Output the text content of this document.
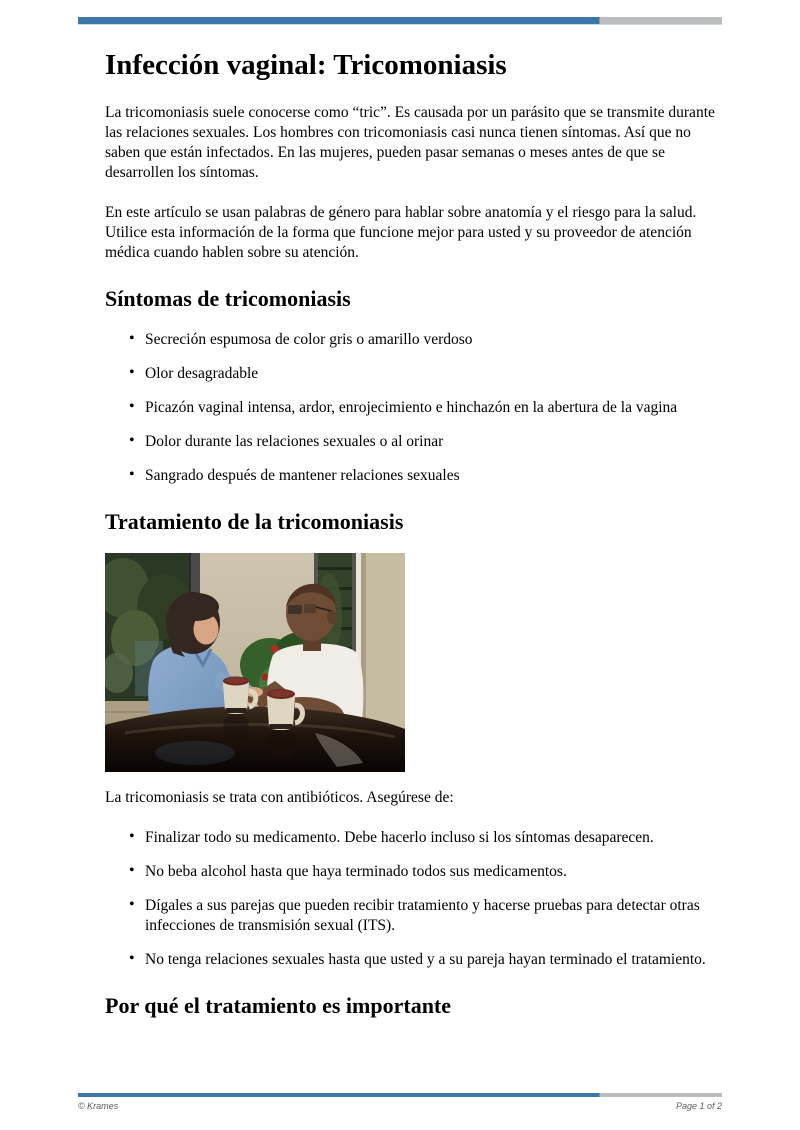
Infección vaginal: Tricomoniasis

La tricomoniasis suele conocerse como “tric”. Es causada por un parásito que se transmite durante las relaciones sexuales. Los hombres con tricomoniasis casi nunca tienen síntomas. Así que no saben que están infectados. En las mujeres, pueden pasar semanas o meses antes de que se desarrollen los síntomas.

En este artículo se usan palabras de género para hablar sobre anatomía y el riesgo para la salud. Utilice esta información de la forma que funcione mejor para usted y su proveedor de atención médica cuando hablen sobre su atención.

Síntomas de tricomoniasis
• Secreción espumosa de color gris o amarillo verdoso
• Olor desagradable
• Picazón vaginal intensa, ardor, enrojecimiento e hinchazón en la abertura de la vagina
• Dolor durante las relaciones sexuales o al orinar
• Sangrado después de mantener relaciones sexuales
Tratamiento de la tricomoniasis

La tricomoniasis se trata con antibióticos. Asegúrese de:

• Finalizar todo su medicamento. Debe hacerlo incluso si los síntomas desaparecen.
• No beba alcohol hasta que haya terminado todos sus medicamentos.
• Dígales a sus parejas que pueden recibir tratamiento y hacerse pruebas para detectar otras infecciones de transmisión sexual (ITS).
• No tenga relaciones sexuales hasta que usted y a su pareja hayan terminado el tratamiento.
Por qué el tratamiento es importante
© Krames	Page 1 of 2
